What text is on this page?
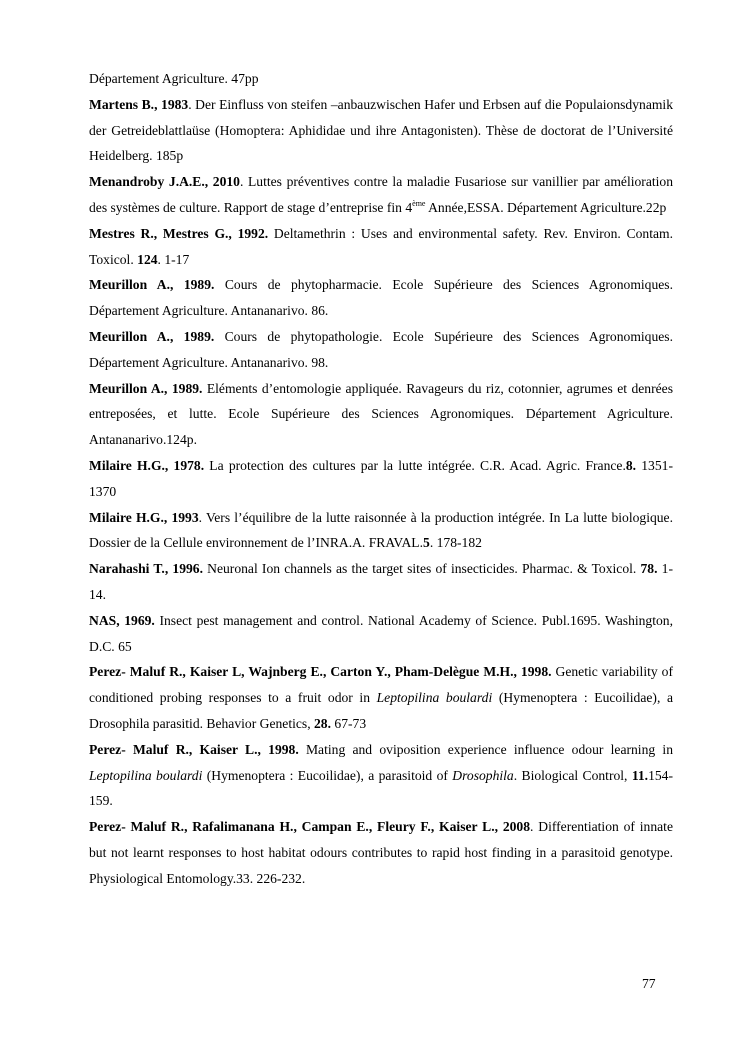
Département Agriculture. 47pp

Martens B., 1983. Der Einfluss von steifen –anbauzwischen Hafer und Erbsen auf die Populaionsdynamik der Getreideblattlaüse (Homoptera: Aphididae und ihre Antagonisten). Thèse de doctorat de l’Université Heidelberg. 185p

Menandroby J.A.E., 2010. Luttes préventives contre la maladie Fusariose sur vanillier par amélioration des systèmes de culture. Rapport de stage d’entreprise fin 4ème Année,ESSA. Département Agriculture.22p

Mestres R., Mestres G., 1992. Deltamethrin : Uses and environmental safety. Rev. Environ. Contam. Toxicol. 124. 1-17

Meurillon A., 1989. Cours de phytopharmacie. Ecole Supérieure des Sciences Agronomiques. Département Agriculture. Antananarivo. 86.

Meurillon A., 1989. Cours de phytopathologie. Ecole Supérieure des Sciences Agronomiques. Département Agriculture. Antananarivo. 98.

Meurillon A., 1989. Eléments d’entomologie appliquée. Ravageurs du riz, cotonnier, agrumes et denrées entreposées, et lutte. Ecole Supérieure des Sciences Agronomiques. Département Agriculture. Antananarivo.124p.

Milaire H.G., 1978. La protection des cultures par la lutte intégrée. C.R. Acad. Agric. France.8. 1351- 1370

Milaire H.G., 1993. Vers l’équilibre de la lutte raisonnée à la production intégrée. In La lutte biologique. Dossier de la Cellule environnement de l’INRA.A. FRAVAL.5. 178-182

Narahashi T., 1996. Neuronal Ion channels as the target sites of insecticides. Pharmac. & Toxicol. 78. 1-14.

NAS, 1969. Insect pest management and control. National Academy of Science. Publ.1695. Washington, D.C. 65

Perez- Maluf R., Kaiser L, Wajnberg E., Carton Y., Pham-Delègue M.H., 1998. Genetic variability of conditioned probing responses to a fruit odor in Leptopilina boulardi (Hymenoptera : Eucoilidae), a Drosophila parasitid. Behavior Genetics, 28. 67-73

Perez- Maluf R., Kaiser L., 1998. Mating and oviposition experience influence odour learning in Leptopilina boulardi (Hymenoptera : Eucoilidae), a parasitoid of Drosophila. Biological Control, 11.154-159.

Perez- Maluf R., Rafalimanana H., Campan E., Fleury F., Kaiser L., 2008. Differentiation of innate but not learnt responses to host habitat odours contributes to rapid host finding in a parasitoid genotype. Physiological Entomology.33. 226-232.

77
